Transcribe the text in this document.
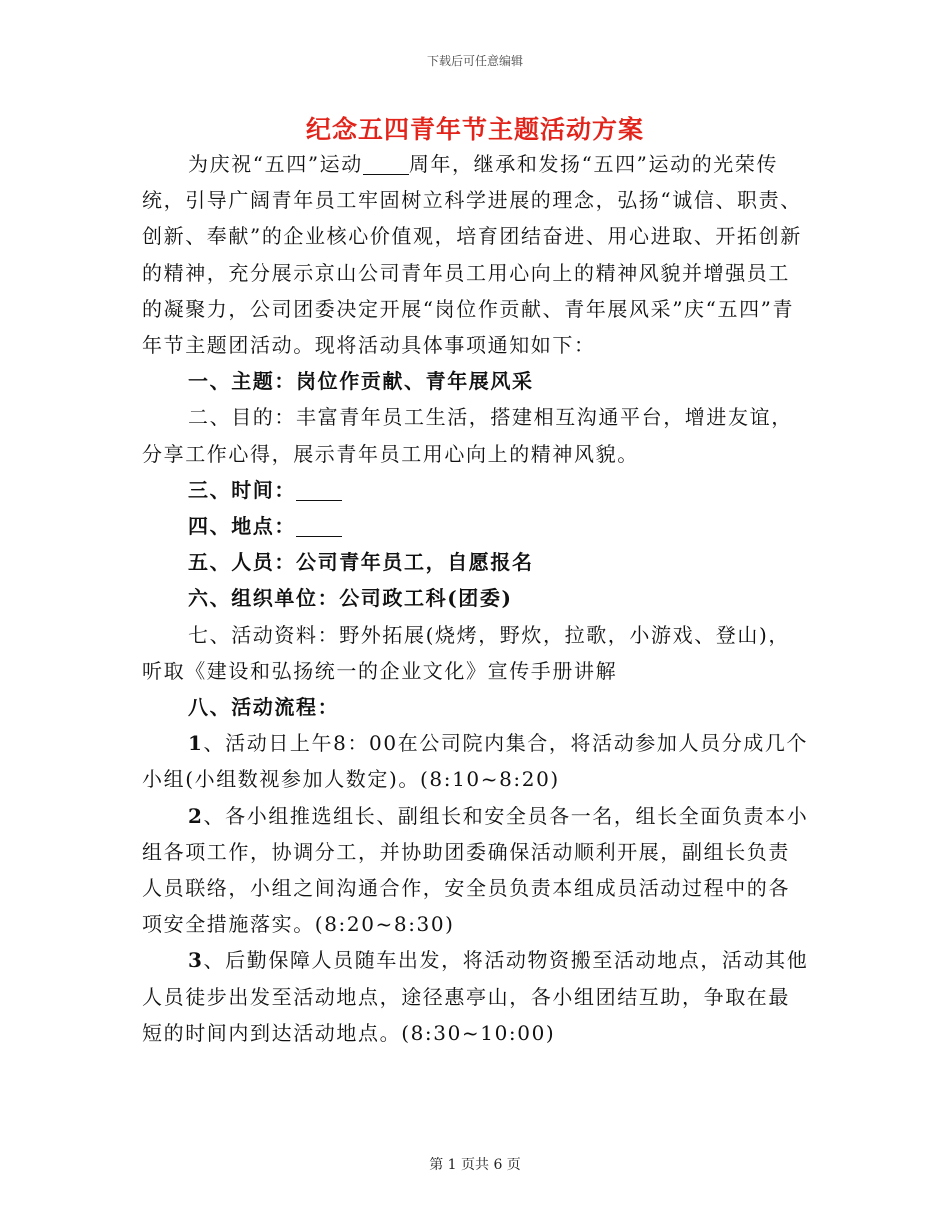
下载后可任意编辑
纪念五四青年节主题活动方案

为庆祝“五四”运动 周年，继承和发扬“五四”运动的光荣传统，引导广阔青年员工牢固树立科学进展的理念，弘扬“诚信、职责、创新、奉献”的企业核心价值观，培育团结奋进、用心进取、开拓创新的精神，充分展示京山公司青年员工用心向上的精神风貌并增强员工的凝聚力，公司团委决定开展“岗位作贡献、青年展风采”庆“五四”青年节主题团活动。现将活动具体事项通知如下：

一、主题：岗位作贡献、青年展风采

二、目的：丰富青年员工生活，搭建相互沟通平台，增进友谊，分享工作心得，展示青年员工用心向上的精神风貌。

三、时间：

四、地点：

五、人员：公司青年员工，自愿报名

六、组织单位：公司政工科(团委)

七、活动资料：野外拓展(烧烤，野炊，拉歌，小游戏、登山)，听取《建设和弘扬统一的企业文化》宣传手册讲解

八、活动流程：

1、活动日上午8：00在公司院内集合，将活动参加人员分成几个小组(小组数视参加人数定)。(8:10~8:20)

2、各小组推选组长、副组长和安全员各一名，组长全面负责本小组各项工作，协调分工，并协助团委确保活动顺利开展，副组长负责人员联络，小组之间沟通合作，安全员负责本组成员活动过程中的各项安全措施落实。(8:20~8:30)

3、后勤保障人员随车出发，将活动物资搬至活动地点，活动其他人员徒步出发至活动地点，途径惠亭山，各小组团结互助，争取在最短的时间内到达活动地点。(8:30~10:00)

第 1 页共 6 页
